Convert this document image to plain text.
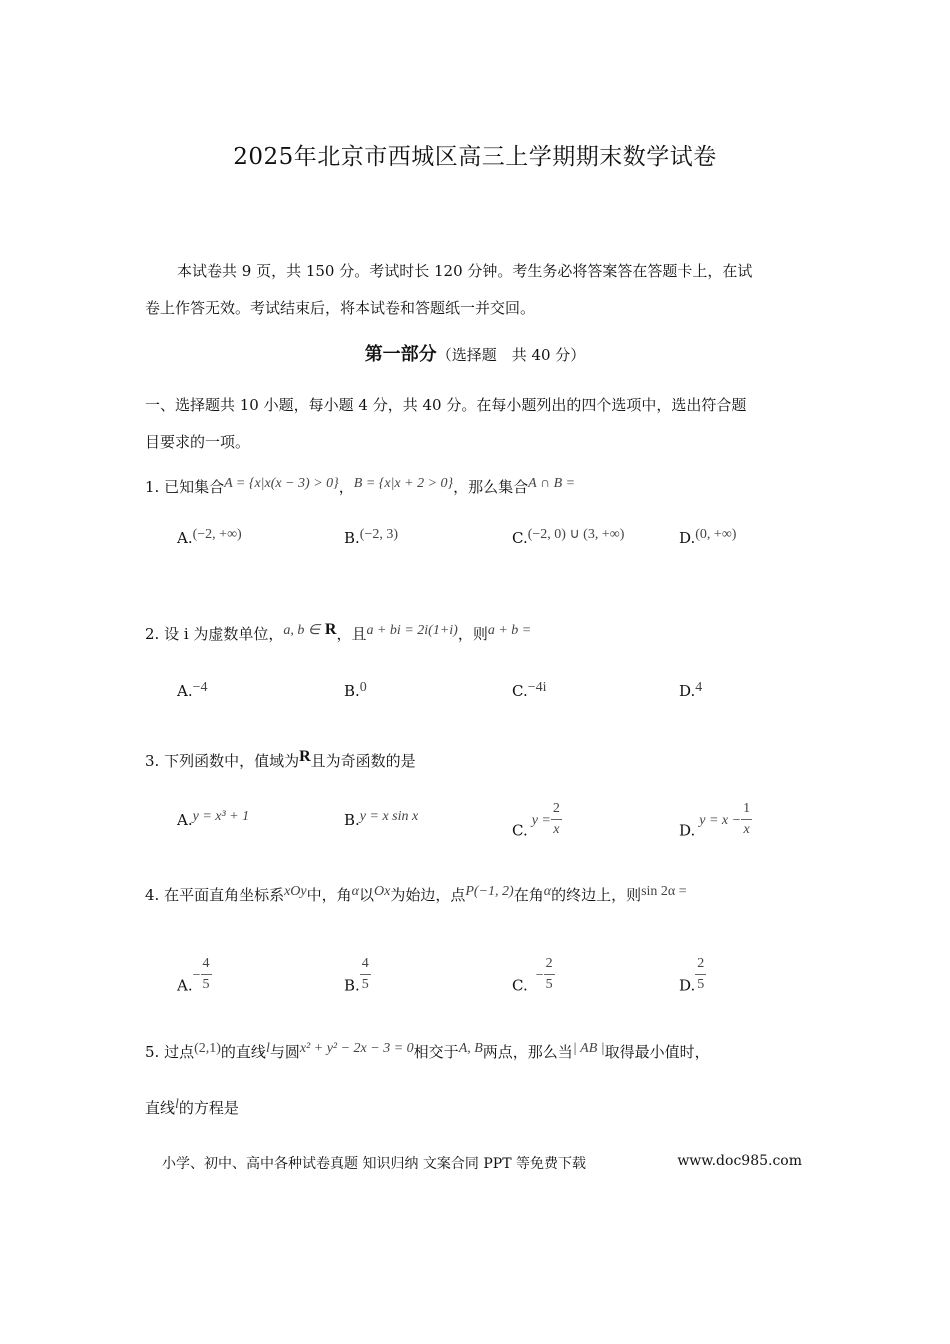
2025年北京市西城区高三上学期期末数学试卷
本试卷共 9 页，共 150 分。考试时长 120 分钟。考生务必将答案答在答题卡上，在试
卷上作答无效。考试结束后，将本试卷和答题纸一并交回。
第一部分（选择题　共 40 分）
一、选择题共 10 小题，每小题 4 分，共 40 分。在每小题列出的四个选项中，选出符合题
目要求的一项。
1. 已知集合A = {x|x(x − 3) > 0}，B = {x|x + 2 > 0}，那么集合A ∩ B =
A.(−2, +∞)	B.(−2, 3)	C.(−2, 0) ∪ (3, +∞)	D.(0, +∞)
2. 设 i 为虚数单位，a, b ∈ R，且a + bi = 2i(1+i)，则a + b =
A.−4	B.0	C.−4i	D.4
3. 下列函数中，值域为R且为奇函数的是
A.y = x³ + 1	B.y = x sin x
$C.y = \frac{2}{x}$	$D.y = x - \frac{1}{x}$
4. 在平面直角坐标系xOy中，角α以Ox为始边，点P(−1, 2)在角α的终边上，则sin 2α =
$A.- \frac{4}{5}$	B. $\frac{4}{5}$	$C.- \frac{2}{5}$	D. $\frac{2}{5}$
5. 过点(2,1)的直线l与圆x² + y² − 2x − 3 = 0相交于A, B两点，那么当| AB |取得最小值时，
直线l的方程是
小学、初中、高中各种试卷真题 知识归纳 文案合同 PPT 等免费下载	www.doc985.com
